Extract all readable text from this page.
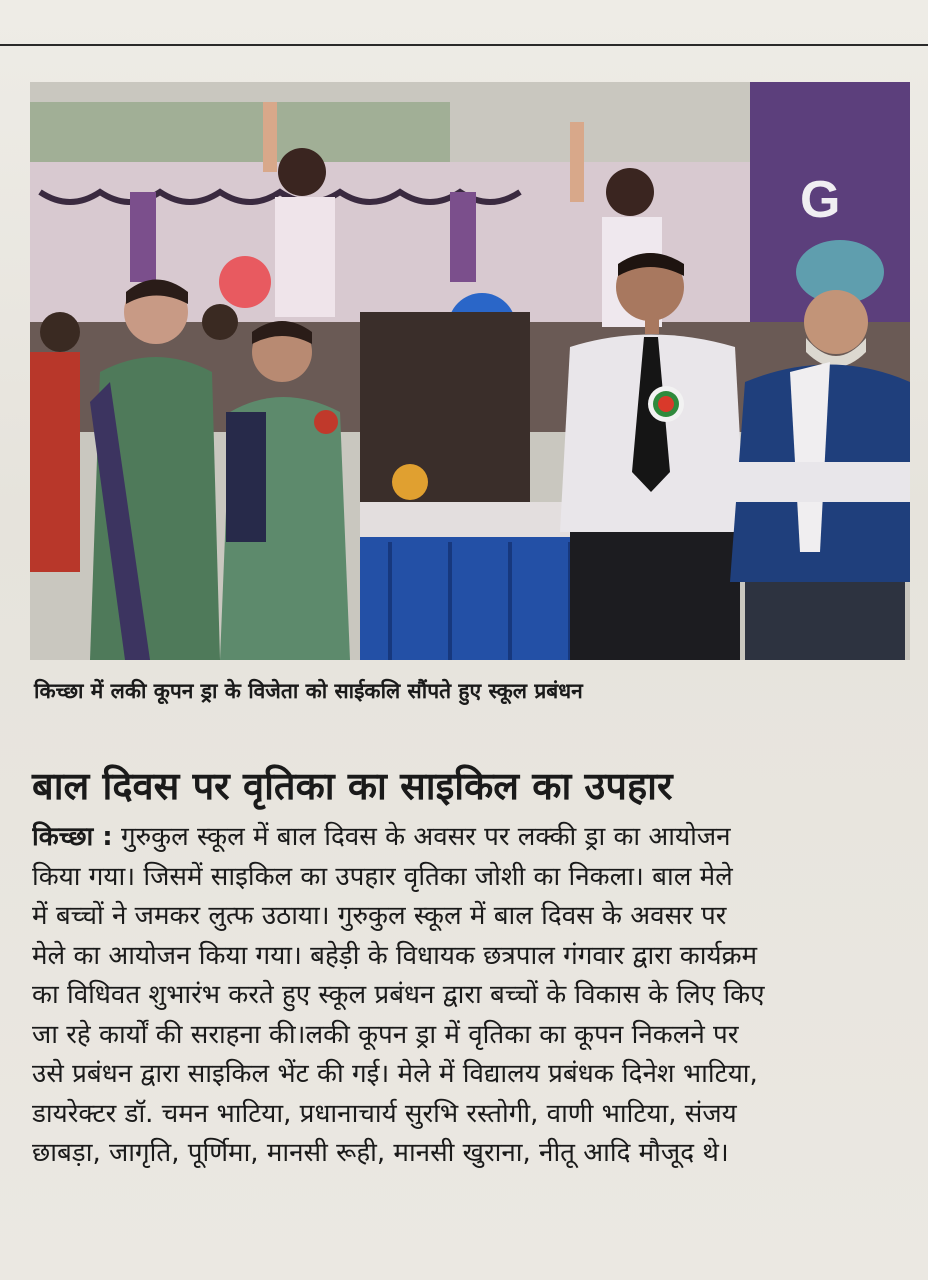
G
किच्छा में लकी कूपन ड्रा के विजेता को साईकलि सौंपते हुए स्कूल प्रबंधन
बाल दिवस पर वृतिका का साइकिल का उपहार
किच्छा : गुरुकुल स्कूल में बाल दिवस के अवसर पर लक्की ड्रा का आयोजन
किया गया। जिसमें साइकिल का उपहार वृतिका जोशी का निकला। बाल मेले
में बच्चों ने जमकर लुत्फ उठाया। गुरुकुल स्कूल में बाल दिवस के अवसर पर
मेले का आयोजन किया गया। बहेड़ी के विधायक छत्रपाल गंगवार द्वारा कार्यक्रम
का विधिवत शुभारंभ करते हुए स्कूल प्रबंधन द्वारा बच्चों के विकास के लिए किए
जा रहे कार्यों की सराहना की।लकी कूपन ड्रा में वृतिका का कूपन निकलने पर
उसे प्रबंधन द्वारा साइकिल भेंट की गई। मेले में विद्यालय प्रबंधक दिनेश भाटिया,
डायरेक्टर डॉ. चमन भाटिया, प्रधानाचार्य सुरभि रस्तोगी, वाणी भाटिया, संजय
छाबड़ा, जागृति, पूर्णिमा, मानसी रूही, मानसी खुराना, नीतू आदि मौजूद थे।
